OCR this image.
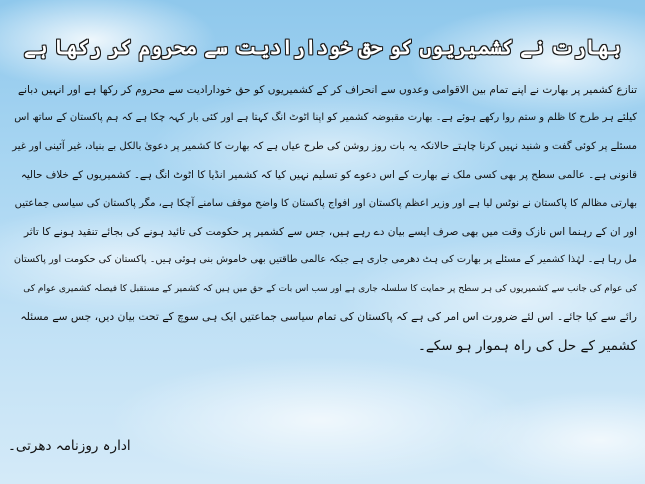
بھارت نے کشمیریوں کو حق خودارادیت سے محروم کر رکھا ہے
تنازع کشمیر پر بھارت نے اپنے تمام بین الاقوامی وعدوں سے انحراف کر کے کشمیریوں کو حق خودارادیت سے محروم کر رکھا ہے اور انہیں دبانے
کیلئے ہر طرح کا ظلم و ستم روا رکھے ہوئے ہے۔ بھارت مقبوضہ کشمیر کو اپنا اٹوٹ انگ کہتا ہے اور کئی بار کہہ چکا ہے کہ ہم پاکستان کے ساتھ اس
مسئلے پر کوئی گفت و شنید نہیں کرنا چاہتے حالانکہ یہ بات روز روشن کی طرح عیاں ہے کہ بھارت کا کشمیر پر دعویٰ بالکل بے بنیاد، غیر آئینی اور غیر
قانونی ہے۔ عالمی سطح پر بھی کسی ملک نے بھارت کے اس دعوے کو تسلیم نہیں کیا کہ کشمیر انڈیا کا اٹوٹ انگ ہے۔ کشمیریوں کے خلاف حالیہ
بھارتی مظالم کا پاکستان نے نوٹس لیا ہے اور وزیر اعظم پاکستان اور افواج پاکستان کا واضح موقف سامنے آچکا ہے، مگر پاکستان کی سیاسی جماعتیں
اور ان کے رہنما اس نازک وقت میں بھی صرف ایسے بیان دے رہے ہیں، جس سے کشمیر پر حکومت کی تائید ہونے کی بجائے تنقید ہونے کا تاثر
مل رہا ہے۔ لہٰذا کشمیر کے مسئلے پر بھارت کی ہٹ دھرمی جاری ہے جبکہ عالمی طاقتیں بھی خاموش بنی ہوئی ہیں۔ پاکستان کی حکومت اور پاکستان
کی عوام کی جانب سے کشمیریوں کی ہر سطح پر حمایت کا سلسلہ جاری ہے اور سب اس بات کے حق میں ہیں کہ کشمیر کے مستقبل کا فیصلہ کشمیری عوام کی
رائے سے کیا جائے۔ اس لئے ضرورت اس امر کی ہے کہ پاکستان کی تمام سیاسی جماعتیں ایک ہی سوچ کے تحت بیان دیں، جس سے مسئلہ
کشمیر کے حل کی راہ ہموار ہو سکے۔
ادارہ روزنامہ دھرتی۔
